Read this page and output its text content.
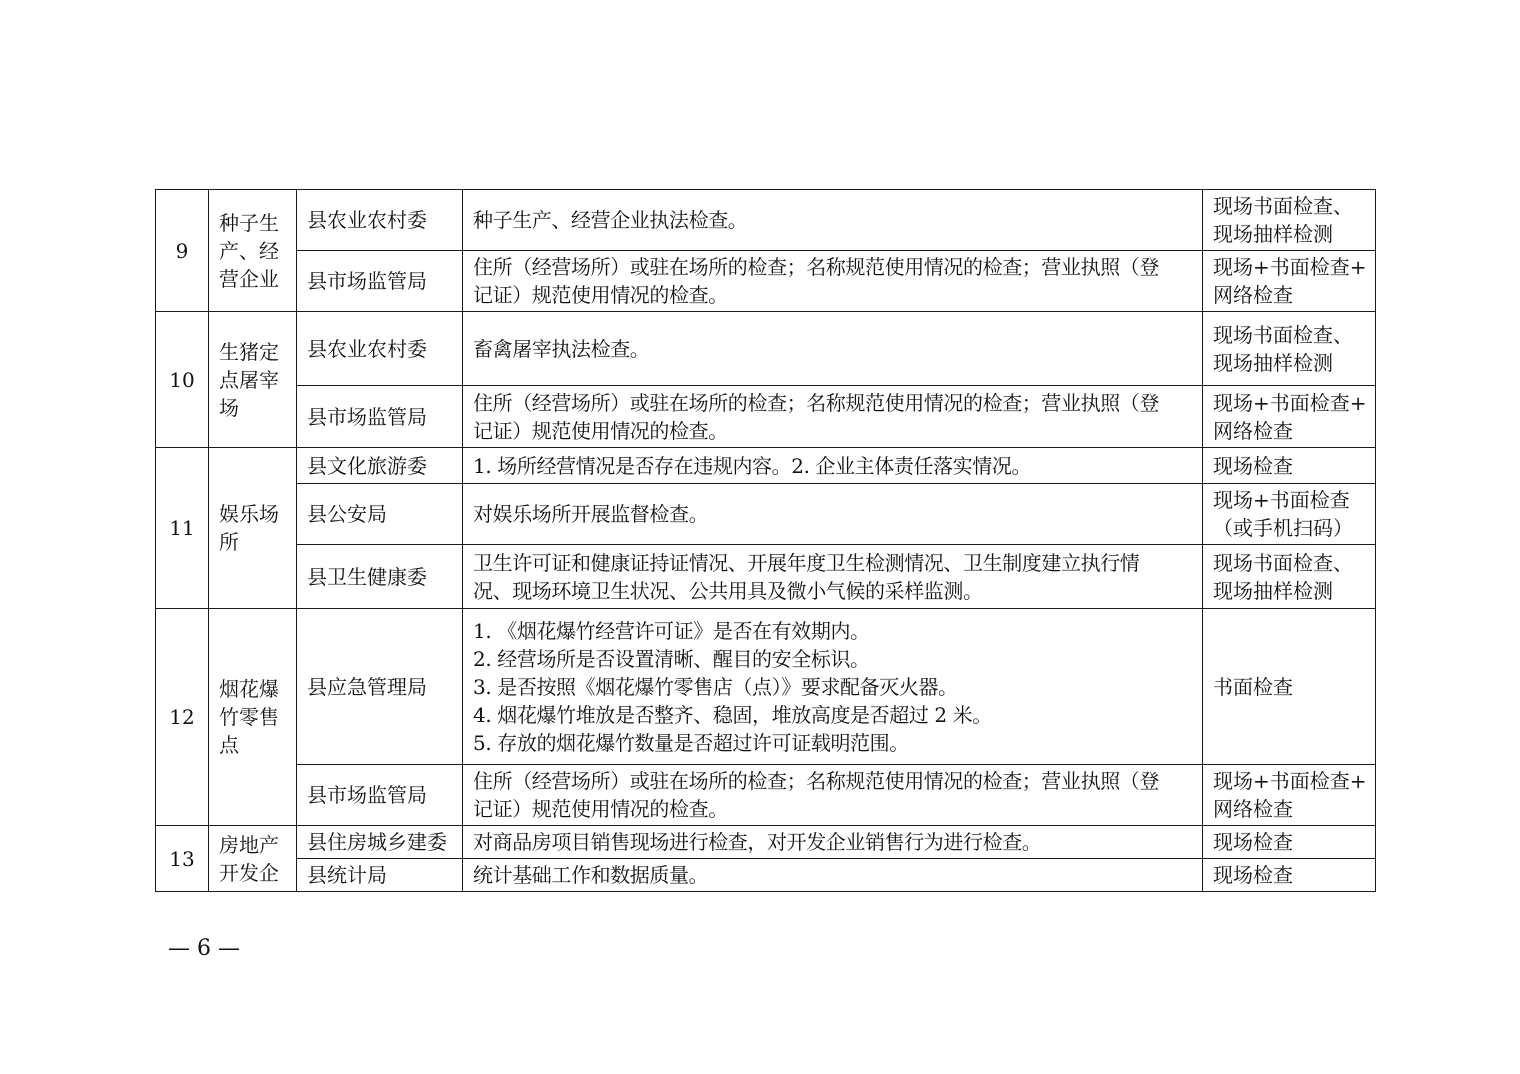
9	种子生
产、经
营企业	县农业农村委	种子生产、经营企业执法检查。	现场书面检查、
现场抽样检测

		县市场监管局	住所（经营场所）或驻在场所的检查；名称规范使用情况的检查；营业执照（登
记证）规范使用情况的检查。	现场+书面检查+
网络检查

10	生猪定
点屠宰
场	县农业农村委	畜禽屠宰执法检查。	现场书面检查、
现场抽样检测

		县市场监管局	住所（经营场所）或驻在场所的检查；名称规范使用情况的检查；营业执照（登
记证）规范使用情况的检查。	现场+书面检查+
网络检查

11	娱乐场
所	县文化旅游委	1. 场所经营情况是否存在违规内容。2. 企业主体责任落实情况。	现场检查

		县公安局	对娱乐场所开展监督检查。	现场+书面检查
（或手机扫码）

		县卫生健康委	卫生许可证和健康证持证情况、开展年度卫生检测情况、卫生制度建立执行情
况、现场环境卫生状况、公共用具及微小气候的采样监测。	现场书面检查、
现场抽样检测

12	烟花爆
竹零售
点	县应急管理局	1. 《烟花爆竹经营许可证》是否在有效期内。
2. 经营场所是否设置清晰、醒目的安全标识。
3. 是否按照《烟花爆竹零售店（点）》要求配备灭火器。
4. 烟花爆竹堆放是否整齐、稳固，堆放高度是否超过 2 米。
5. 存放的烟花爆竹数量是否超过许可证载明范围。	书面检查

		县市场监管局	住所（经营场所）或驻在场所的检查；名称规范使用情况的检查；营业执照（登
记证）规范使用情况的检查。	现场+书面检查+
网络检查

13	房地产
开发企	县住房城乡建委	对商品房项目销售现场进行检查，对开发企业销售行为进行检查。	现场检查

		县统计局	统计基础工作和数据质量。	现场检查
— 6 —
